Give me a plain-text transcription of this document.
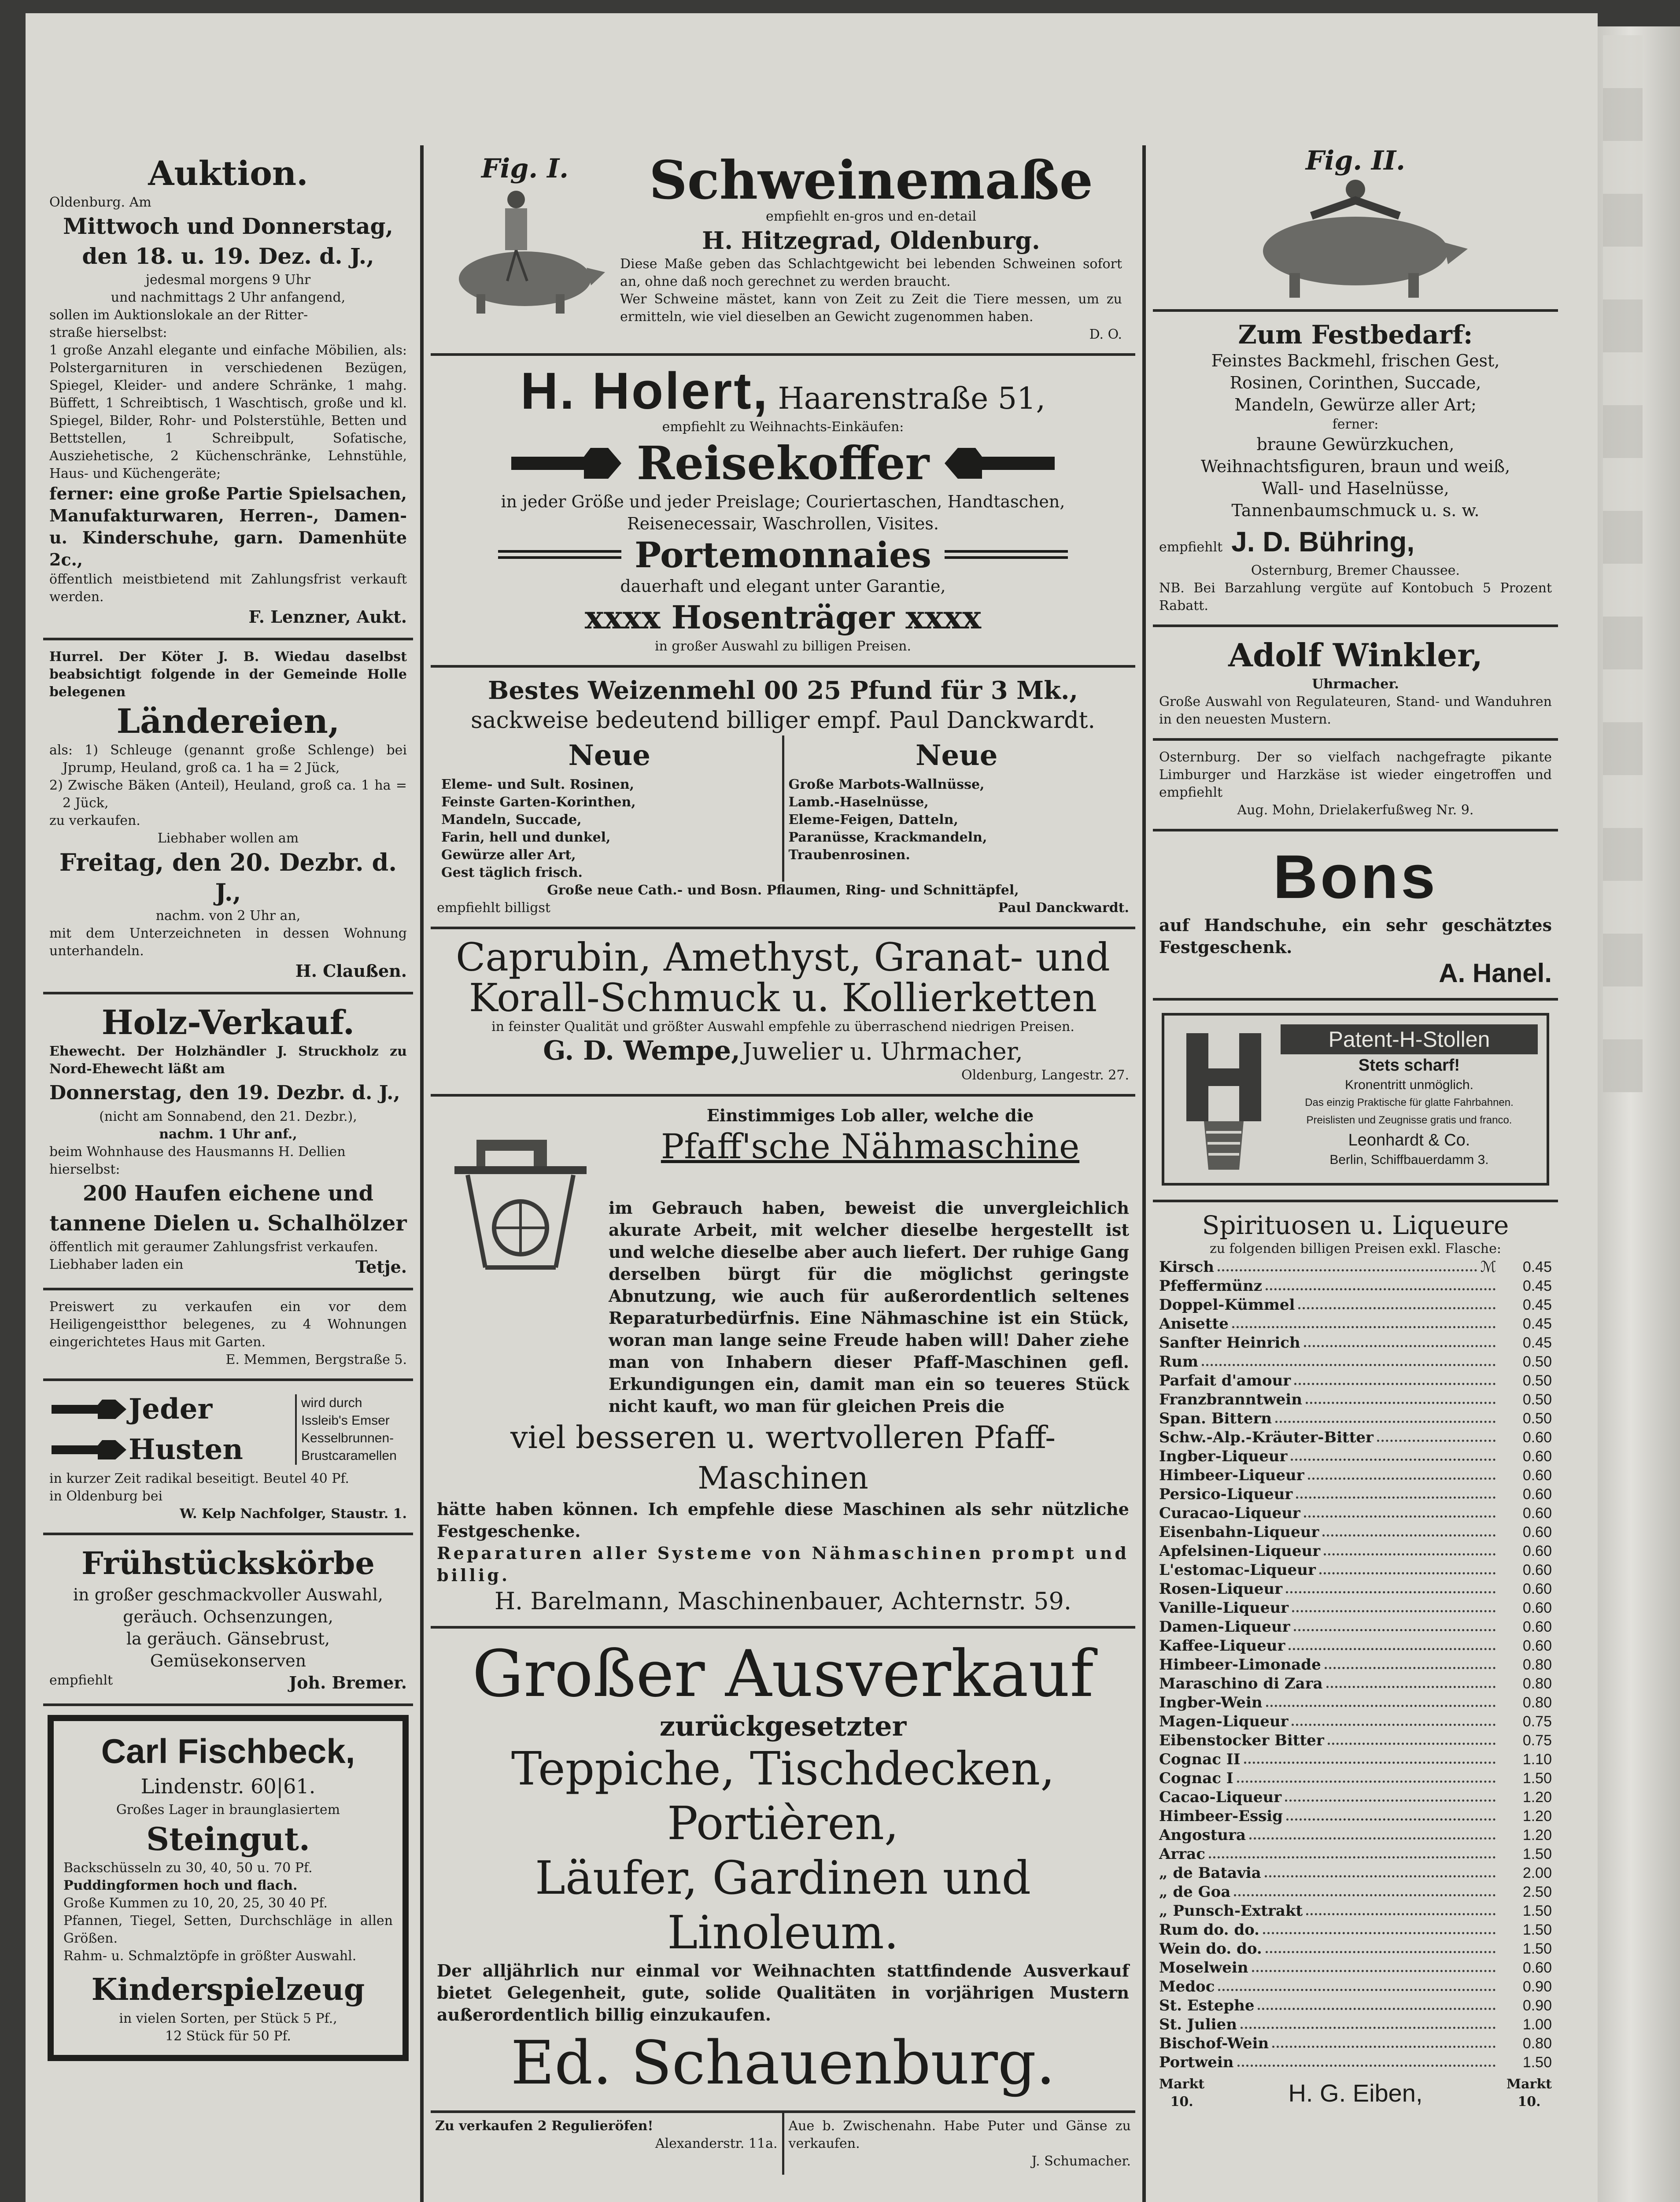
Auktion.

Oldenburg. Am

Mittwoch und Donnerstag,

den 18. u. 19. Dez. d. J.,

jedesmal morgens 9 Uhr

und nachmittags 2 Uhr anfangend,

sollen im Auktionslokale an der Ritter-

straße hierselbst:

1 große Anzahl elegante und einfache Möbilien, als: Polstergarnituren in verschiedenen Bezügen, Spiegel, Kleider- und andere Schränke, 1 mahg. Büffett, 1 Schreibtisch, 1 Waschtisch, große und kl. Spiegel, Bilder, Rohr- und Polsterstühle, Betten und Bettstellen, 1 Schreibpult, Sofatische, Ausziehetische, 2 Küchenschränke, Lehnstühle, Haus- und Küchengeräte;

ferner: eine große Partie Spielsachen, Manufakturwaren, Herren-, Damen- u. Kinderschuhe, garn. Damenhüte 2c.,

öffentlich meistbietend mit Zahlungsfrist verkauft werden.

F. Lenzner, Aukt.

Hurrel. Der Köter J. B. Wiedau daselbst beabsichtigt folgende in der Gemeinde Holle belegenen

Ländereien,

als: 1) Schleuge (genannt große Schlenge) bei Jprump, Heuland, groß ca. 1 ha = 2 Jück,

2) Zwische Bäken (Anteil), Heuland, groß ca. 1 ha = 2 Jück,

zu verkaufen.

Liebhaber wollen am

Freitag, den 20. Dezbr. d. J.,

nachm. von 2 Uhr an,

mit dem Unterzeichneten in dessen Wohnung unterhandeln.

H. Claußen.

Holz-Verkauf.

Ehewecht. Der Holzhändler J. Struckholz zu Nord-Ehewecht läßt am

Donnerstag, den 19. Dezbr. d. J.,

(nicht am Sonnabend, den 21. Dezbr.),

nachm. 1 Uhr anf.,

beim Wohnhause des Hausmanns H. Dellien hierselbst:

200 Haufen eichene und tannene Dielen u. Schalhölzer

öffentlich mit geraumer Zahlungsfrist verkaufen.

Liebhaber laden ein	Tetje.

Preiswert zu verkaufen ein vor dem Heiligengeistthor belegenes, zu 4 Wohnungen eingerichtetes Haus mit Garten.

E. Memmen, Bergstraße 5.

Jeder
Husten

wird durch Issleib's Emser Kesselbrunnen-Brustcaramellen

in kurzer Zeit radikal beseitigt. Beutel 40 Pf.

in Oldenburg bei

W. Kelp Nachfolger, Staustr. 1.

Frühstückskörbe

in großer geschmackvoller Auswahl,

geräuch. Ochsenzungen,

la geräuch. Gänsebrust,

Gemüsekonserven

empfiehlt	Joh. Bremer.

Carl Fischbeck,

Lindenstr. 60|61.

Großes Lager in braunglasiertem

Steingut.

Backschüsseln zu 30, 40, 50 u. 70 Pf.

Puddingformen hoch und flach.

Große Kummen zu 10, 20, 25, 30 40 Pf.

Pfannen, Tiegel, Setten, Durchschläge in allen Größen.

Rahm- u. Schmalztöpfe in größter Auswahl.

Kinderspielzeug

in vielen Sorten, per Stück 5 Pf.,

12 Stück für 50 Pf.

Fig. I.	Schweinemaße

empfiehlt en-gros und en-detail

H. Hitzegrad, Oldenburg.

Diese Maße geben das Schlachtgewicht bei lebenden Schweinen sofort an, ohne daß noch gerechnet zu werden braucht.

Wer Schweine mästet, kann von Zeit zu Zeit die Tiere messen, um zu ermitteln, wie viel dieselben an Gewicht zugenommen haben.

D. O.

H. Holert, Haarenstraße 51,

empfiehlt zu Weihnachts-Einkäufen:

Reisekoffer

in jeder Größe und jeder Preislage; Couriertaschen, Handtaschen, Reisenecessair, Waschrollen, Visites.

Portemonnaies

dauerhaft und elegant unter Garantie,

xxxx Hosenträger xxxx

in großer Auswahl zu billigen Preisen.

Bestes Weizenmehl 00 25 Pfund für 3 Mk.,

sackweise bedeutend billiger empf. Paul Danckwardt.

Neue

Eleme- und Sult. Rosinen,

Feinste Garten-Korinthen,

Mandeln, Succade,

Farin, hell und dunkel,

Gewürze aller Art,

Gest täglich frisch.

Neue

Große Marbots-Wallnüsse,

Lamb.-Haselnüsse,

Eleme-Feigen, Datteln,

Paranüsse, Krackmandeln,

Traubenrosinen.

Große neue Cath.- und Bosn. Pflaumen, Ring- und Schnittäpfel,

empfiehlt billigst	Paul Danckwardt.

Caprubin, Amethyst, Granat- und

Korall-Schmuck u. Kollierketten

in feinster Qualität und größter Auswahl empfehle zu überraschend niedrigen Preisen.

G. D. Wempe, Juwelier u. Uhrmacher,

Oldenburg, Langestr. 27.

Einstimmiges Lob aller, welche die

Pfaff'sche Nähmaschine

im Gebrauch haben, beweist die unvergleichlich akurate Arbeit, mit welcher dieselbe hergestellt ist und welche dieselbe aber auch liefert. Der ruhige Gang derselben bürgt für die möglichst geringste Abnutzung, wie auch für außerordentlich seltenes Reparaturbedürfnis. Eine Nähmaschine ist ein Stück, woran man lange seine Freude haben will! Daher ziehe man von Inhabern dieser Pfaff-Maschinen gefl. Erkundigungen ein, damit man ein so teueres Stück nicht kauft, wo man für gleichen Preis die

viel besseren u. wertvolleren Pfaff-Maschinen

hätte haben können. Ich empfehle diese Maschinen als sehr nützliche Festgeschenke.

Reparaturen aller Systeme von Nähmaschinen prompt und billig.

H. Barelmann, Maschinenbauer, Achternstr. 59.

Großer Ausverkauf

zurückgesetzter

Teppiche, Tischdecken, Portièren,

Läufer, Gardinen und

Linoleum.

Der alljährlich nur einmal vor Weihnachten stattfindende Ausverkauf bietet Gelegenheit, gute, solide Qualitäten in vorjährigen Mustern außerordentlich billig einzukaufen.

Ed. Schauenburg.

Zu verkaufen 2 Regulieröfen!

Alexanderstr. 11a.

Aue b. Zwischenahn. Habe Puter und Gänse zu verkaufen.

J. Schumacher.

Fig. II.

Zum Festbedarf:

Feinstes Backmehl, frischen Gest,

Rosinen, Corinthen, Succade,

Mandeln, Gewürze aller Art;

ferner:

braune Gewürzkuchen,

Weihnachtsfiguren, braun und weiß,

Wall- und Haselnüsse,

Tannenbaumschmuck u. s. w.

empfiehlt J. D. Bühring,

Osternburg, Bremer Chaussee.

NB. Bei Barzahlung vergüte auf Kontobuch 5 Prozent Rabatt.

Adolf Winkler,

Uhrmacher.

Große Auswahl von Regulateuren, Stand- und Wanduhren in den neuesten Mustern.

Osternburg. Der so vielfach nachgefragte pikante Limburger und Harzkäse ist wieder eingetroffen und empfiehlt

Aug. Mohn, Drielakerfußweg Nr. 9.

Bons

auf Handschuhe, ein sehr geschätztes Festgeschenk.

A. Hanel.

Patent-H-Stollen

Stets scharf!

Kronentritt unmöglich.

Das einzig Praktische für glatte Fahrbahnen.

Preislisten und Zeugnisse gratis und franco.

Leonhardt & Co.

Berlin, Schiffbauerdamm 3.

Spirituosen u. Liqueure

zu folgenden billigen Preisen exkl. Flasche:

Kirsch	ℳ	0.45
Pfeffermünz	0.45
Doppel-Kümmel	0.45
Anisette	0.45
Sanfter Heinrich	0.45
Rum	0.50
Parfait d'amour	0.50
Franzbranntwein	0.50
Span. Bittern	0.50
Schw.-Alp.-Kräuter-Bitter	0.60
Ingber-Liqueur	0.60
Himbeer-Liqueur	0.60
Persico-Liqueur	0.60
Curacao-Liqueur	0.60
Eisenbahn-Liqueur	0.60
Apfelsinen-Liqueur	0.60
L'estomac-Liqueur	0.60
Rosen-Liqueur	0.60
Vanille-Liqueur	0.60
Damen-Liqueur	0.60
Kaffee-Liqueur	0.60
Himbeer-Limonade	0.80
Maraschino di Zara	0.80
Ingber-Wein	0.80
Magen-Liqueur	0.75
Eibenstocker Bitter	0.75
Cognac II	1.10
Cognac I	1.50
Cacao-Liqueur	1.20
Himbeer-Essig	1.20
Angostura	1.20
Arrac	1.50
„ de Batavia	2.00
„ de Goa	2.50
„ Punsch-Extrakt	1.50
Rum do. do.	1.50
Wein do. do.	1.50
Moselwein	0.60
Medoc	0.90
St. Estephe	0.90
St. Julien	1.00
Bischof-Wein	0.80
Portwein	1.50

Markt

10.	H. G. Eiben,	Markt

10.
